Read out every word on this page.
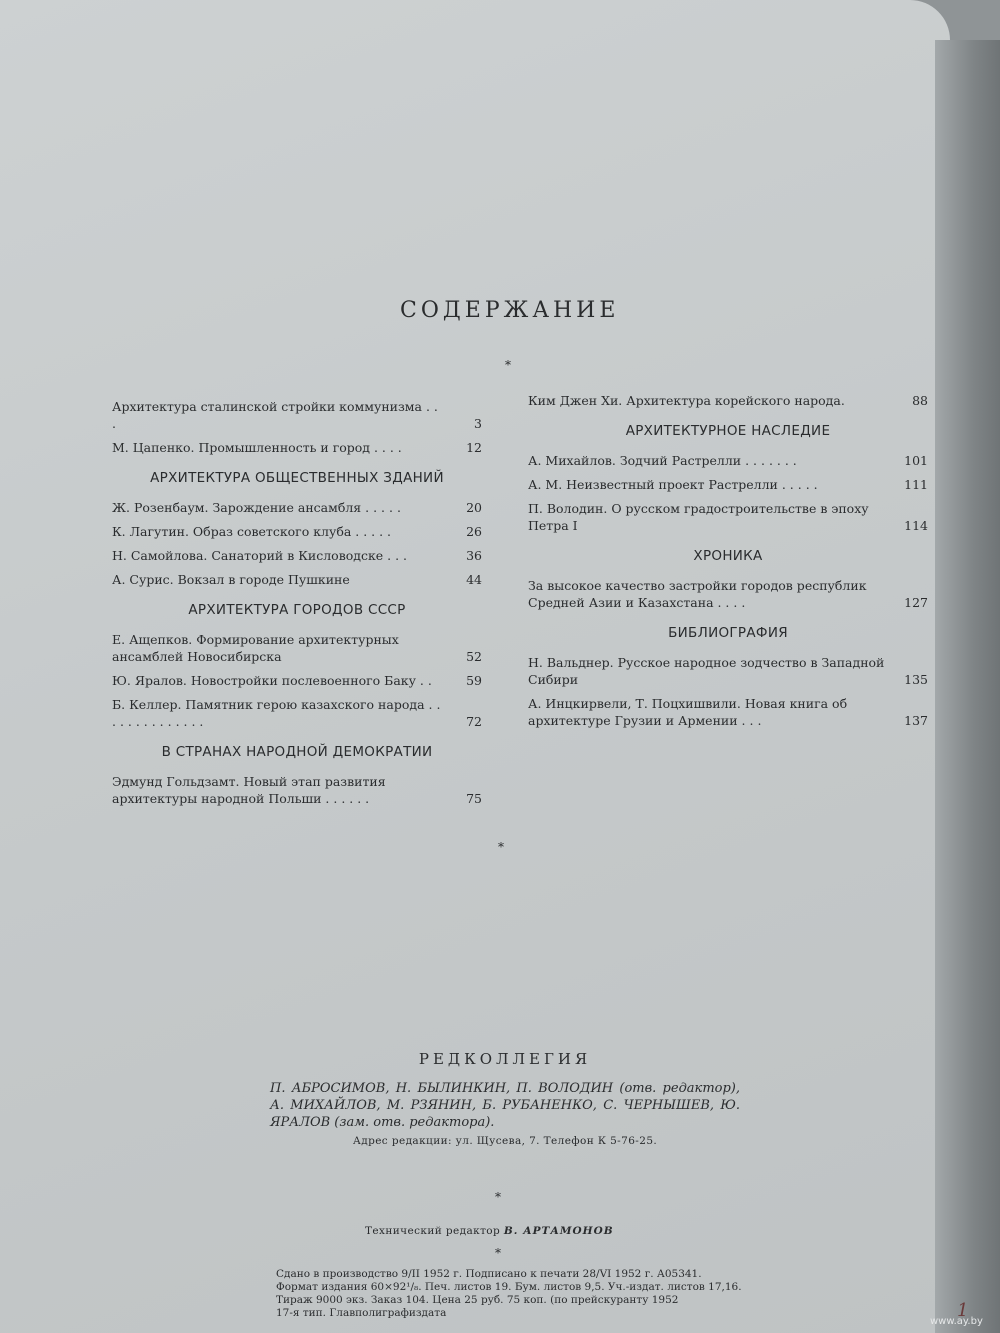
СОДЕРЖАНИЕ
*
Архитектура сталинской стройки коммунизма . . .	3
М. Цапенко. Промышленность и город . . . .	12
АРХИТЕКТУРА ОБЩЕСТВЕННЫХ ЗДАНИЙ
Ж. Розенбаум. Зарождение ансамбля . . . . .	20
К. Лагутин. Образ советского клуба . . . . .	26
Н. Самойлова. Санаторий в Кисловодске . . .	36
А. Сурис. Вокзал в городе Пушкине	44
АРХИТЕКТУРА ГОРОДОВ СССР
Е. Ащепков. Формирование архитектурных ансамблей Новосибирска	52
Ю. Яралов. Новостройки послевоенного Баку . .	59
Б. Келлер. Памятник герою казахского народа . . . . . . . . . . . . . .	72
В СТРАНАХ НАРОДНОЙ ДЕМОКРАТИИ
Эдмунд Гольдзамт. Новый этап развития архитектуры народной Польши . . . . . .	75
Ким Джен Хи. Архитектура корейского народа.	88
АРХИТЕКТУРНОЕ НАСЛЕДИЕ
А. Михайлов. Зодчий Растрелли . . . . . . .	101
А. М. Неизвестный проект Растрелли . . . . .	111
П. Володин. О русском градостроительстве в эпоху Петра I	114
ХРОНИКА
За высокое качество застройки городов республик Средней Азии и Казахстана . . . .	127
БИБЛИОГРАФИЯ
Н. Вальднер. Русское народное зодчество в Западной Сибири	135
А. Инцкирвели, Т. Поцхишвили. Новая книга об архитектуре Грузии и Армении . . .	137
*
РЕДКОЛЛЕГИЯ
П. АБРОСИМОВ, Н. БЫЛИНКИН, П. ВОЛОДИН (отв. редактор), А. МИХАЙЛОВ, М. РЗЯНИН, Б. РУБАНЕНКО, С. ЧЕРНЫШЕВ, Ю. ЯРАЛОВ (зам. отв. редактора).
Адрес редакции: ул. Щусева, 7. Телефон К 5-76-25.
*
Технический редактор В. АРТАМОНОВ
*
Сдано в производство 9/II 1952 г. Подписано к печати 28/VI 1952 г. А05341.
Формат издания 60×92¹/₈. Печ. листов 19. Бум. листов 9,5. Уч.-издат. листов 17,16.
Тираж 9000 экз. Заказ 104. Цена 25 руб. 75 коп. (по прейскуранту 1952
17-я тип. Главполиграфиздата	1
www.ay.by
